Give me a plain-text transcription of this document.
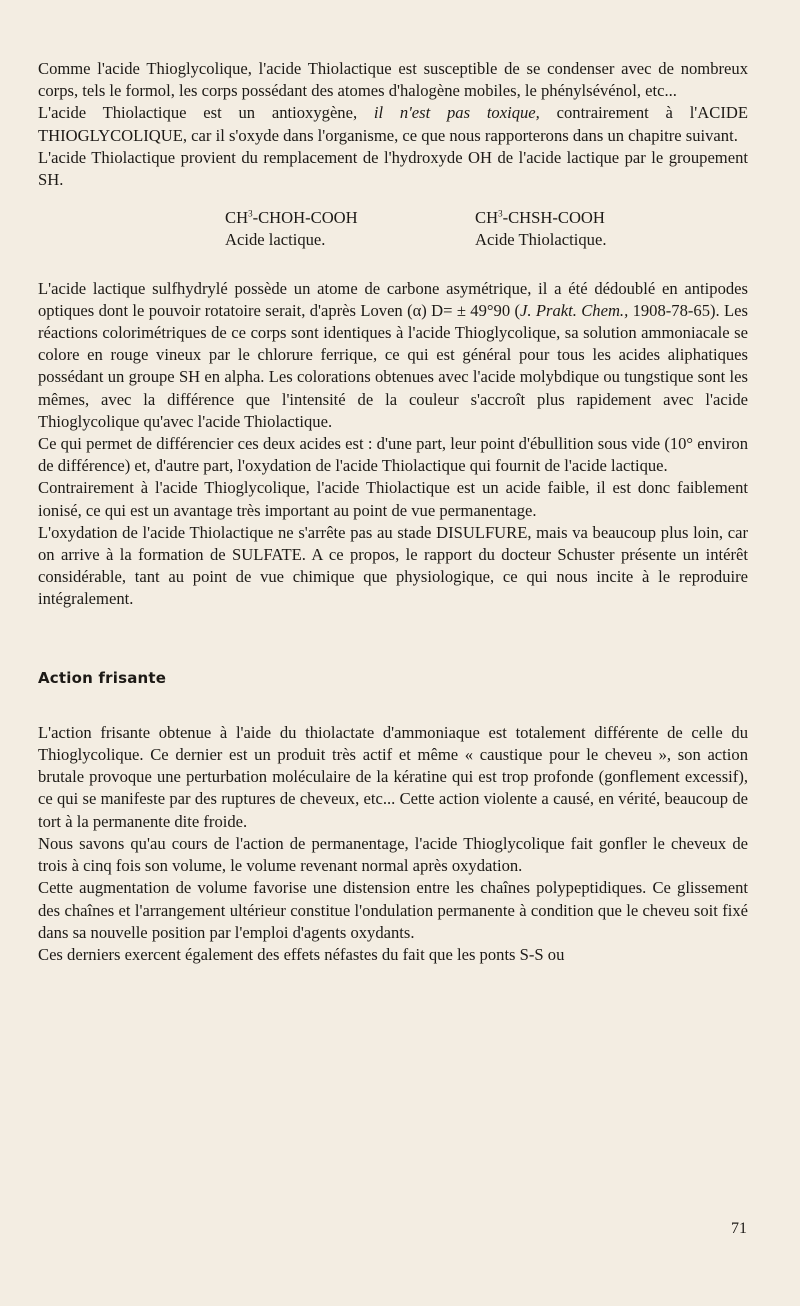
Comme l'acide Thioglycolique, l'acide Thiolactique est susceptible de se condenser avec de nombreux corps, tels le formol, les corps possédant des atomes d'halogène mobiles, le phénylsévénol, etc...

L'acide Thiolactique est un antioxygène, il n'est pas toxique, contrairement à l'ACIDE THIOGLYCOLIQUE, car il s'oxyde dans l'organisme, ce que nous rapporterons dans un chapitre suivant.

L'acide Thiolactique provient du remplacement de l'hydroxyde OH de l'acide lactique par le groupement SH.

$CH^3-CHOH$-COOH	$CH^3-CHSH$-COOH
Acide lactique.	Acide Thiolactique.

L'acide lactique sulfhydrylé possède un atome de carbone asymétrique, il a été dédoublé en antipodes optiques dont le pouvoir rotatoire serait, d'après Loven (α) D= ± 49°90 (J. Prakt. Chem., 1908-78-65). Les réactions colorimétriques de ce corps sont identiques à l'acide Thioglycolique, sa solution ammoniacale se colore en rouge vineux par le chlorure ferrique, ce qui est général pour tous les acides aliphatiques possédant un groupe SH en alpha. Les colorations obtenues avec l'acide molybdique ou tungstique sont les mêmes, avec la différence que l'intensité de la couleur s'accroît plus rapidement avec l'acide Thioglycolique qu'avec l'acide Thiolactique.

Ce qui permet de différencier ces deux acides est : d'une part, leur point d'ébullition sous vide (10° environ de différence) et, d'autre part, l'oxydation de l'acide Thiolactique qui fournit de l'acide lactique.

Contrairement à l'acide Thioglycolique, l'acide Thiolactique est un acide faible, il est donc faiblement ionisé, ce qui est un avantage très important au point de vue permanentage.

L'oxydation de l'acide Thiolactique ne s'arrête pas au stade DISULFURE, mais va beaucoup plus loin, car on arrive à la formation de SULFATE. A ce propos, le rapport du docteur Schuster présente un intérêt considérable, tant au point de vue chimique que physiologique, ce qui nous incite à le reproduire intégralement.

Action frisante

L'action frisante obtenue à l'aide du thiolactate d'ammoniaque est totalement différente de celle du Thioglycolique. Ce dernier est un produit très actif et même « caustique pour le cheveu », son action brutale provoque une perturbation moléculaire de la kératine qui est trop profonde (gonflement excessif), ce qui se manifeste par des ruptures de cheveux, etc... Cette action violente a causé, en vérité, beaucoup de tort à la permanente dite froide.

Nous savons qu'au cours de l'action de permanentage, l'acide Thioglycolique fait gonfler le cheveux de trois à cinq fois son volume, le volume revenant normal après oxydation.

Cette augmentation de volume favorise une distension entre les chaînes polypeptidiques. Ce glissement des chaînes et l'arrangement ultérieur constitue l'ondulation permanente à condition que le cheveu soit fixé dans sa nouvelle position par l'emploi d'agents oxydants.

Ces derniers exercent également des effets néfastes du fait que les ponts S-S ou

71
